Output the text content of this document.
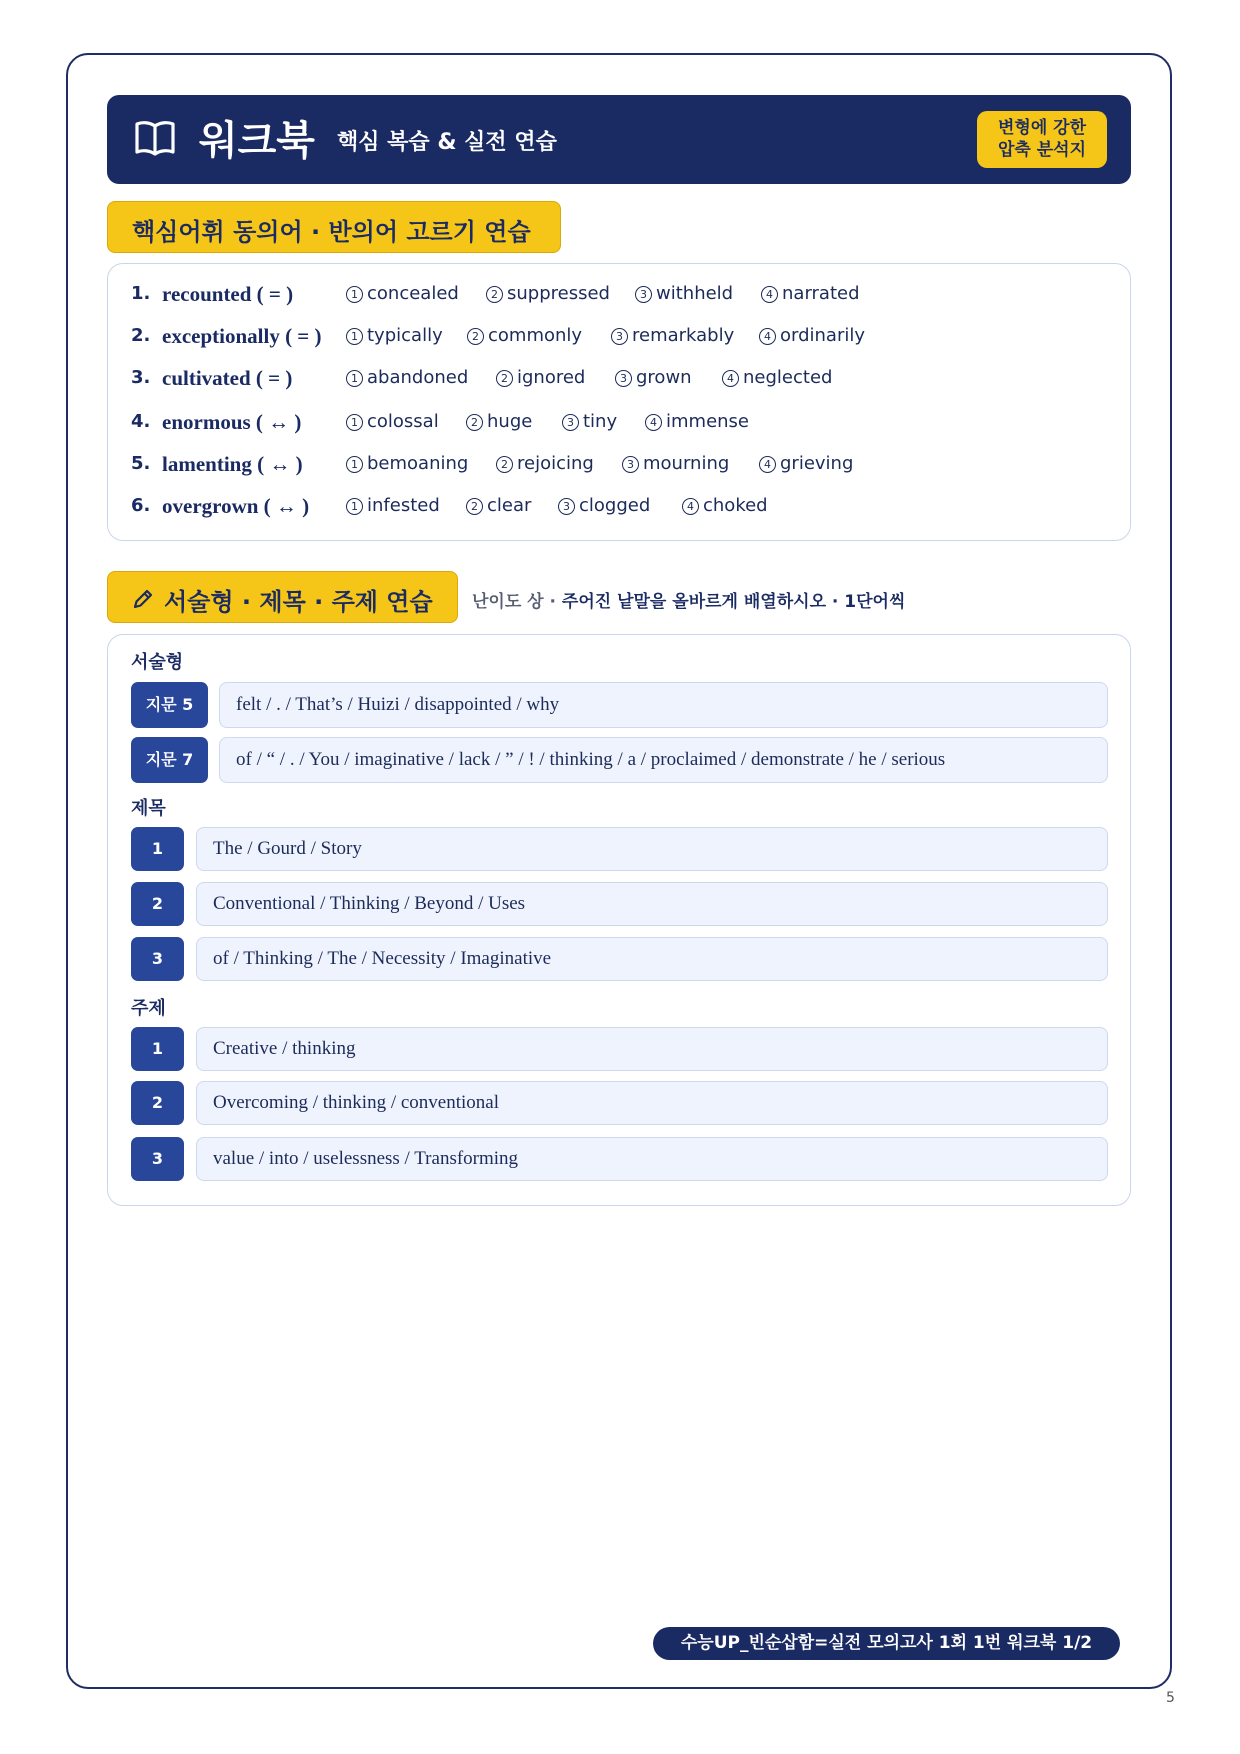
워크북 핵심 복습 & 실전 연습
변형에 강한
압축 분석지
핵심어휘 동의어 · 반의어 고르기 연습
1. recounted ( = )	1 concealed	2 suppressed	3 withheld	4 narrated
2. exceptionally ( = )	1 typically	2 commonly	3 remarkably	4 ordinarily
3. cultivated ( = )	1 abandoned	2 ignored	3 grown	4 neglected
4. enormous ( ↔ )	1 colossal	2 huge	3 tiny	4 immense
5. lamenting ( ↔ )	1 bemoaning	2 rejoicing	3 mourning	4 grieving
6. overgrown ( ↔ )	1 infested	2 clear	3 clogged	4 choked
서술형 · 제목 · 주제 연습	난이도 상 · 주어진 낱말을 올바르게 배열하시오 · 1단어씩
서술형
지문 5	felt / . / That’s / Huizi / disappointed / why
지문 7	of / “ / . / You / imaginative / lack / ” / ! / thinking / a / proclaimed / demonstrate / he / serious
제목
1	The / Gourd / Story
2	Conventional / Thinking / Beyond / Uses
3	of / Thinking / The / Necessity / Imaginative
주제
1	Creative / thinking
2	Overcoming / thinking / conventional
3	value / into / uselessness / Transforming
수능UP_빈순삽함=실전 모의고사 1회 1번 워크북 1/2
5
